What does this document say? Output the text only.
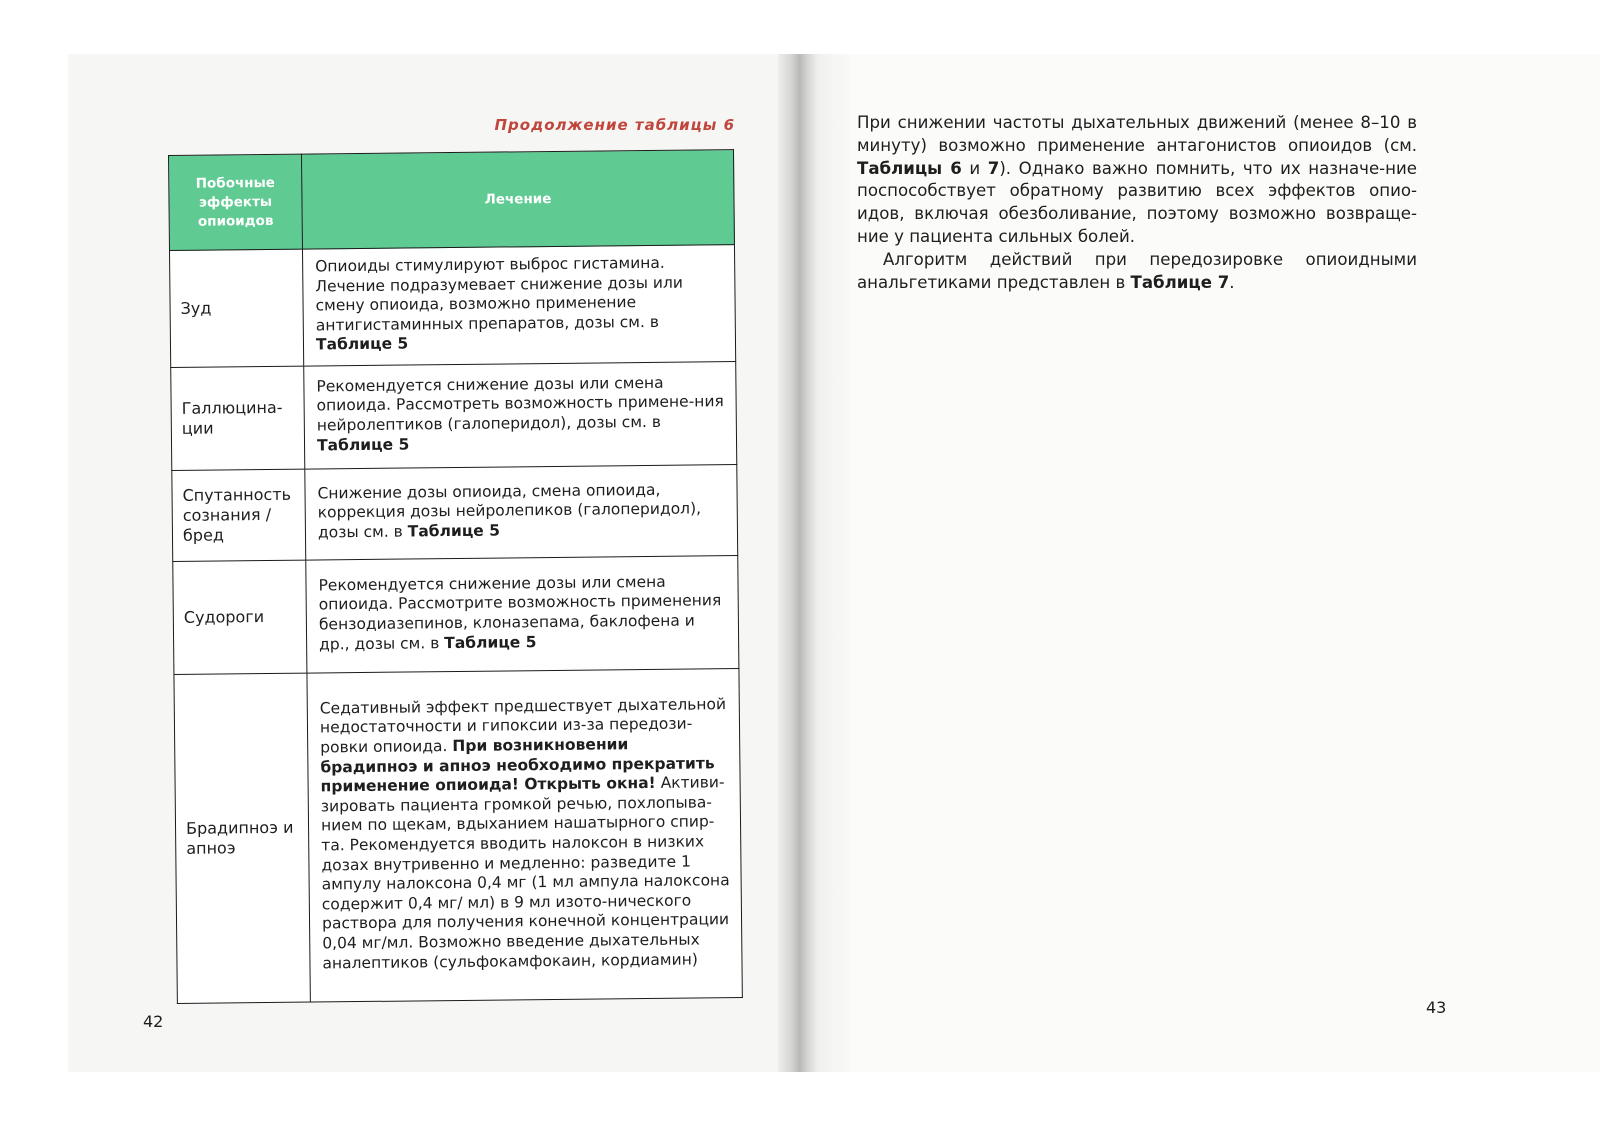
Продолжение таблицы 6
Побочные эффекты опиоидов	Лечение
Зуд	Опиоиды стимулируют выброс гистамина. Лечение подразумевает снижение дозы или смену опиоида, возможно применение антигистаминных препаратов, дозы см. в Таблице 5
Галлюцина-ции	Рекомендуется снижение дозы или смена опиоида. Рассмотреть возможность примене-ния нейролептиков (галоперидол), дозы см. в Таблице 5
Спутанность сознания / бред	Снижение дозы опиоида, смена опиоида, коррекция дозы нейролепиков (галоперидол), дозы см. в Таблице 5
Судороги	Рекомендуется снижение дозы или смена опиоида. Рассмотрите возможность применения бензодиазепинов, клоназепама, баклофена и др., дозы см. в Таблице 5
Брадипноэ и апноэ	Седативный эффект предшествует дыхательной недостаточности и гипоксии из-за передози-ровки опиоида. При возникновении брадипноэ и апноэ необходимо прекратить применение опиоида! Открыть окна! Активи-зировать пациента громкой речью, похлопыва-нием по щекам, вдыханием нашатырного спир-та. Рекомендуется вводить налоксон в низких дозах внутривенно и медленно: разведите 1 ампулу налоксона 0,4 мг (1 мл ампула налоксона содержит 0,4 мг/ мл) в 9 мл изото-нического раствора для получения конечной концентрации 0,04 мг/мл. Возможно введение дыхательных аналептиков (сульфокамфокаин, кордиамин)
42

При снижении частоты дыхательных движений (менее 8–10 в минуту) возможно применение антагонистов опиоидов (см. Таблицы 6 и 7). Однако важно помнить, что их назначе-ние поспособствует обратному развитию всех эффектов опио-идов, включая обезболивание, поэтому возможно возвраще-ние у пациента сильных болей.

Алгоритм действий при передозировке опиоидными анальгетиками представлен в Таблице 7.

43
